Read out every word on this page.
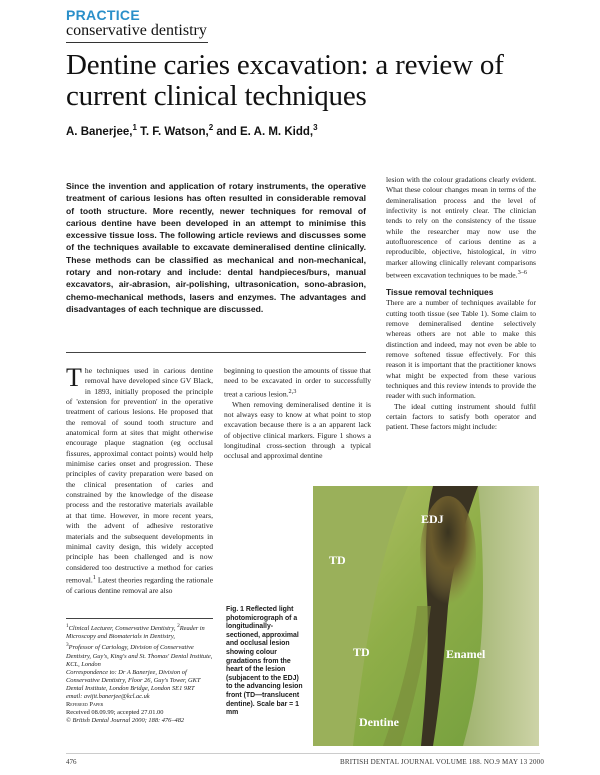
PRACTICE
conservative dentistry
Dentine caries excavation: a review of current clinical techniques
A. Banerjee,$^1$ T. F. Watson,$^2$ and E. A. M. Kidd,$^3$
Since the invention and application of rotary instruments, the operative treatment of carious lesions has often resulted in considerable removal of tooth structure. More recently, newer techniques for removal of carious dentine have been developed in an attempt to minimise this excessive tissue loss. The following article reviews and discusses some of the techniques available to excavate demineralised dentine clinically. These methods can be classified as mechanical and non-mechanical, rotary and non-rotary and include: dental handpieces/burs, manual excavators, air-abrasion, air-polishing, ultrasonication, sono-abrasion, chemo-mechanical methods, lasers and enzymes. The advantages and disadvantages of each technique are discussed.

The techniques used in carious dentine removal have developed since GV Black, in 1893, initially proposed the principle of 'extension for prevention' in the operative treatment of carious lesions. He proposed that the removal of sound tooth structure and anatomical form at sites that might otherwise encourage plaque stagnation (eg occlusal fissures, approximal contact points) would help minimise caries onset and progression. These principles of cavity preparation were based on the clinical presentation of caries and constrained by the knowledge of the disease process and the restorative materials available at that time. However, in more recent years, with the advent of adhesive restorative materials and the subsequent developments in minimal cavity design, this widely accepted principle has been challenged and is now considered too destructive a method for caries removal.$^1$ Latest theories regarding the rationale of carious dentine removal are also

beginning to question the amounts of tissue that need to be excavated in order to successfully treat a carious lesion.$^{2,3}$

When removing demineralised dentine it is not always easy to know at what point to stop excavation because there is a an apparent lack of objective clinical markers. Figure 1 shows a longitudinal cross-section through a typical occlusal and approximal dentine

lesion with the colour gradations clearly evident. What these colour changes mean in terms of the demineralisation process and the level of infectivity is not entirely clear. The clinician tends to rely on the consistency of the tissue while the researcher may now use the autofluorescence of carious dentine as a reproducible, objective, histological, in vitro marker allowing clinically relevant comparisons between excavation techniques to be made.$^{3-6}$

Tissue removal techniques

There are a number of techniques available for cutting tooth tissue (see Table 1). Some claim to remove demineralised dentine selectively whereas others are not able to make this distinction and indeed, may not even be able to remove softened tissue effectively. For this reason it is important that the practitioner knows what might be expected from these various techniques and this review intends to provide the reader with such information.

The ideal cutting instrument should fulfil certain factors to satisfy both operator and patient. These factors might include:

$^1$Clinical Lecturer, Conservative Dentistry, $^2$Reader in Microscopy and Biomaterials in Dentistry,
$^3$Professor of Cariology, Division of Conservative Dentistry, Guy's, King's and St. Thomas' Dental Institute, KCL, London
Correspondence to: Dr A Banerjee, Division of Conservative Dentistry, Floor 26, Guy's Tower, GKT Dental Institute, London Bridge, London SE1 9RT
email: avijit.banerjee@kcl.ac.uk
Refereed Paper
Received 08.09.99; accepted 27.01.00
© British Dental Journal 2000; 188: 476–482
Fig. 1 Reflected light photomicrograph of a longitudinally-sectioned, approximal and occlusal lesion showing colour gradations from the heart of the lesion (subjacent to the EDJ) to the advancing lesion front (TD—translucent dentine). Scale bar = 1 mm
EDJ
TD
Enamel
TD
Dentine
476	BRITISH DENTAL JOURNAL VOLUME 188. NO.9 MAY 13 2000
